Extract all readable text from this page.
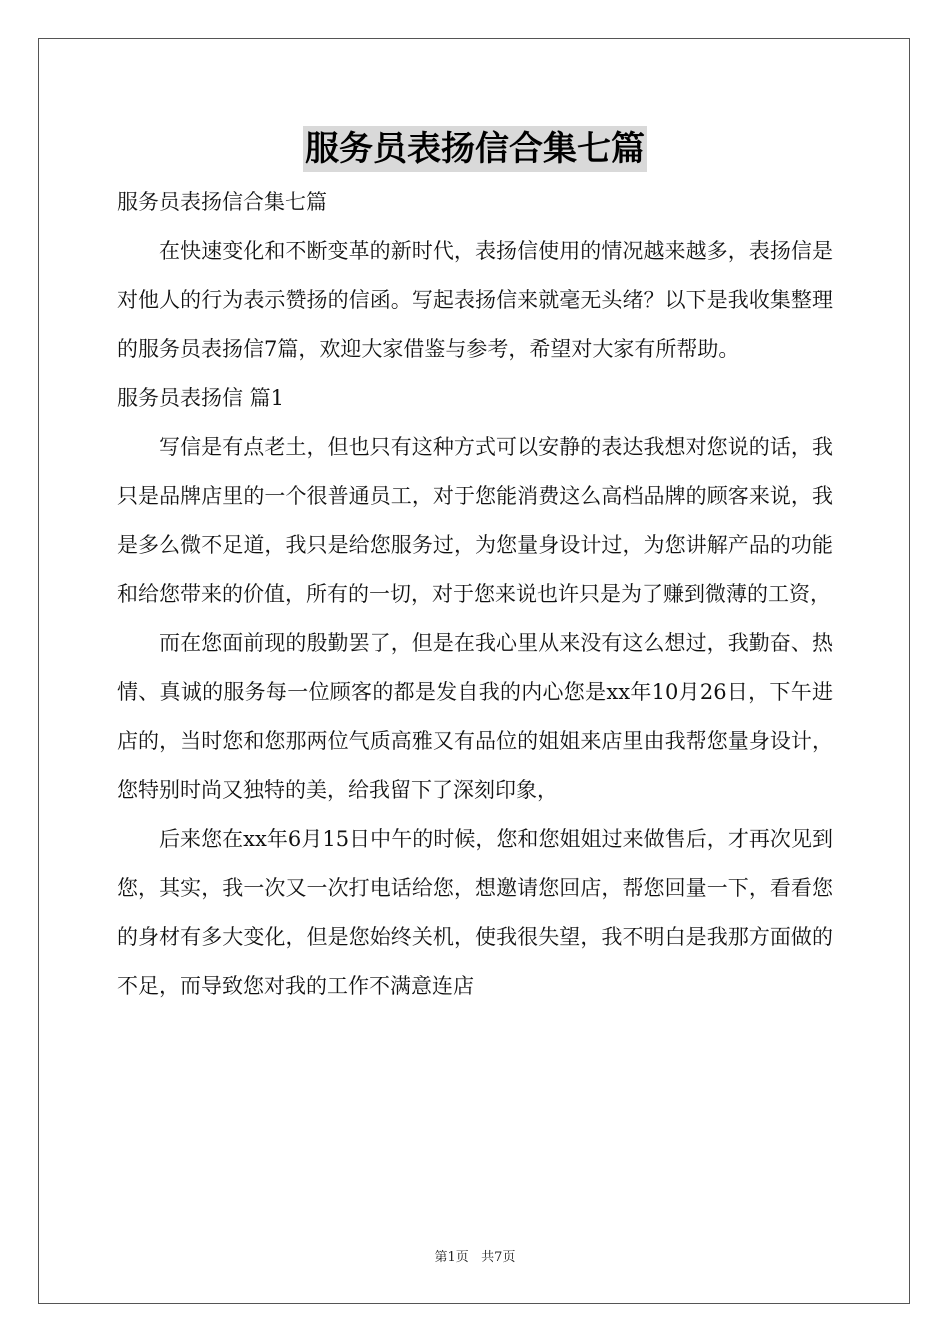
服务员表扬信合集七篇

服务员表扬信合集七篇

在快速变化和不断变革的新时代，表扬信使用的情况越来越多，表扬信是对他人的行为表示赞扬的信函。写起表扬信来就毫无头绪？以下是我收集整理的服务员表扬信7篇，欢迎大家借鉴与参考，希望对大家有所帮助。

服务员表扬信 篇1

写信是有点老土，但也只有这种方式可以安静的表达我想对您说的话，我只是品牌店里的一个很普通员工，对于您能消费这么高档品牌的顾客来说，我是多么微不足道，我只是给您服务过，为您量身设计过，为您讲解产品的功能和给您带来的价值，所有的一切，对于您来说也许只是为了赚到微薄的工资，

而在您面前现的殷勤罢了，但是在我心里从来没有这么想过，我勤奋、热情、真诚的服务每一位顾客的都是发自我的内心您是xx年10月26日，下午进店的，当时您和您那两位气质高雅又有品位的姐姐来店里由我帮您量身设计，您特别时尚又独特的美，给我留下了深刻印象，

后来您在xx年6月15日中午的时候，您和您姐姐过来做售后，才再次见到您，其实，我一次又一次打电话给您，想邀请您回店，帮您回量一下，看看您的身材有多大变化，但是您始终关机，使我很失望，我不明白是我那方面做的不足，而导致您对我的工作不满意连店

第1页   共7页
